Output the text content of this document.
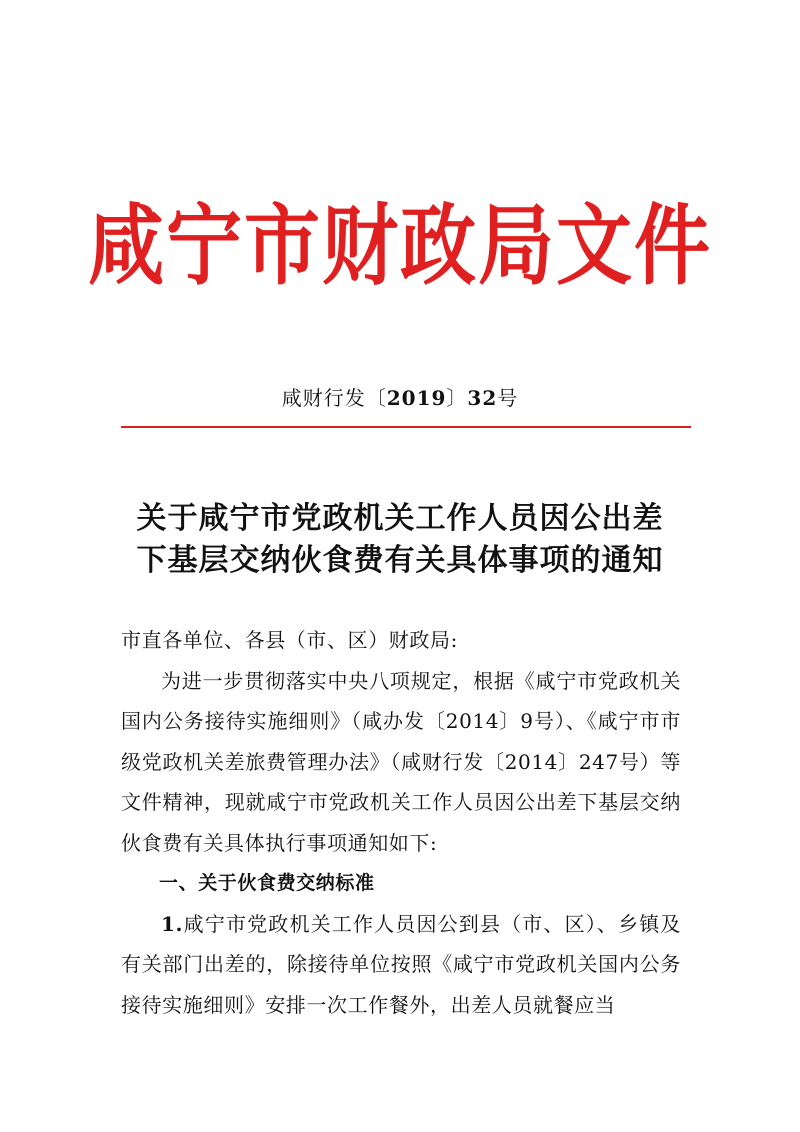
咸宁市财政局文件
咸财行发〔2019〕32号
关于咸宁市党政机关工作人员因公出差
下基层交纳伙食费有关具体事项的通知

市直各单位、各县（市、区）财政局:

为进一步贯彻落实中央八项规定，根据《咸宁市党政机关国内公务接待实施细则》（咸办发〔2014〕9号）、《咸宁市市级党政机关差旅费管理办法》（咸财行发〔2014〕247号）等文件精神，现就咸宁市党政机关工作人员因公出差下基层交纳伙食费有关具体执行事项通知如下:

一、关于伙食费交纳标准

1.咸宁市党政机关工作人员因公到县（市、区）、乡镇及有关部门出差的，除接待单位按照《咸宁市党政机关国内公务接待实施细则》安排一次工作餐外，出差人员就餐应当
